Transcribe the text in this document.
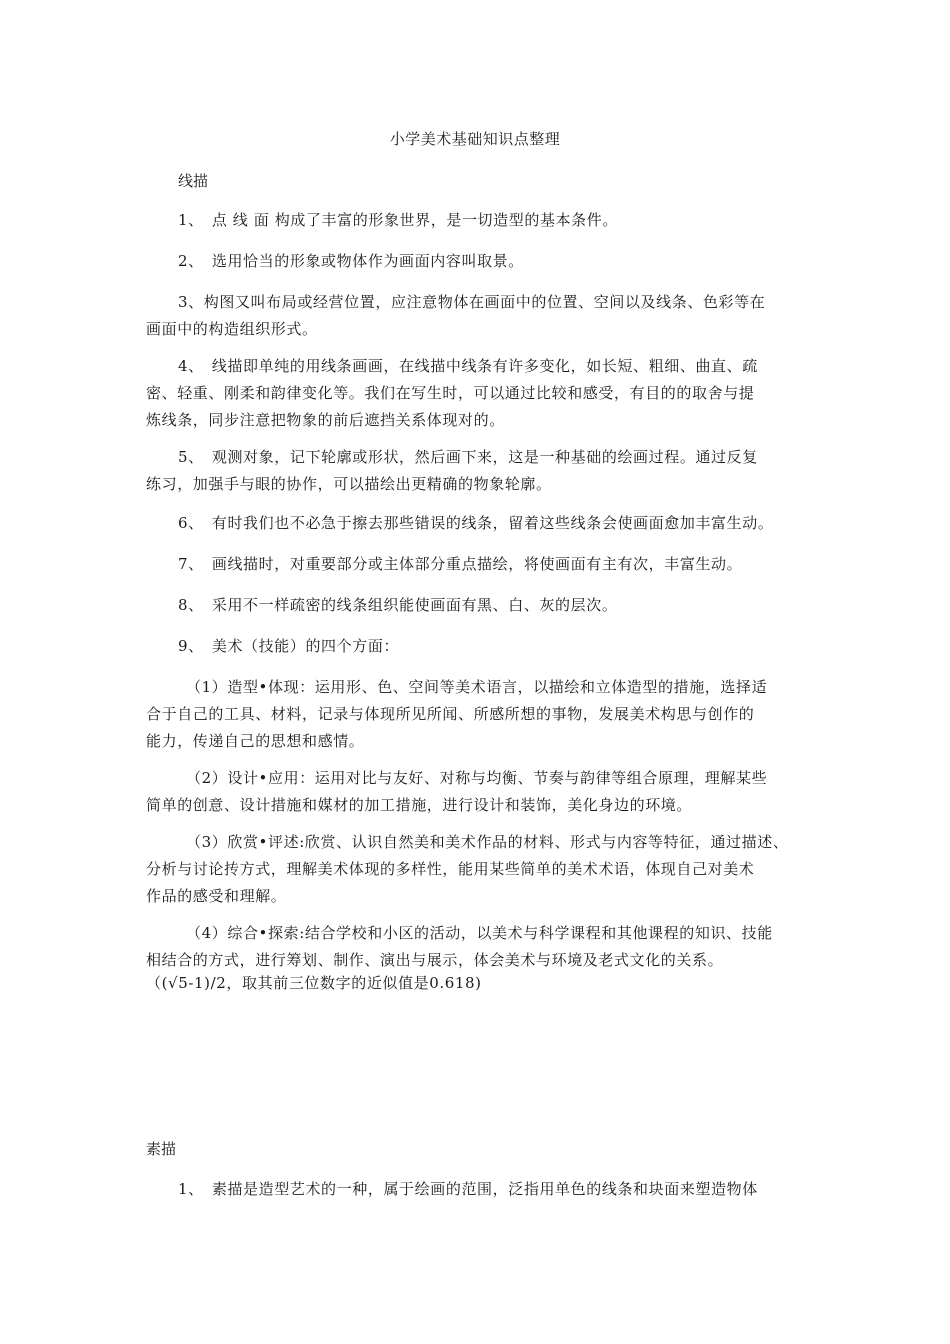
小学美术基础知识点整理
线描
1、　点 线 面 构成了丰富的形象世界，是一切造型的基本条件。
2、　选用恰当的形象或物体作为画面内容叫取景。
3、构图又叫布局或经营位置，应注意物体在画面中的位置、空间以及线条、色彩等在
画面中的构造组织形式。
4、　线描即单纯的用线条画画，在线描中线条有许多变化，如长短、粗细、曲直、疏
密、轻重、刚柔和韵律变化等。我们在写生时，可以通过比较和感受，有目的的取舍与提
炼线条，同步注意把物象的前后遮挡关系体现对的。
5、　观测对象，记下轮廓或形状，然后画下来，这是一种基础的绘画过程。通过反复
练习，加强手与眼的协作，可以描绘出更精确的物象轮廓。
6、　有时我们也不必急于擦去那些错误的线条，留着这些线条会使画面愈加丰富生动。
7、　画线描时，对重要部分或主体部分重点描绘，将使画面有主有次，丰富生动。
8、　采用不一样疏密的线条组织能使画面有黑、白、灰的层次。
9、　美术（技能）的四个方面：
（1）造型•体现：运用形、色、空间等美术语言，以描绘和立体造型的措施，选择适
合于自己的工具、材料，记录与体现所见所闻、所感所想的事物，发展美术构思与创作的
能力，传递自己的思想和感情。
（2）设计•应用：运用对比与友好、对称与均衡、节奏与韵律等组合原理，理解某些
简单的创意、设计措施和媒材的加工措施，进行设计和装饰，美化身边的环境。
（3）欣赏•评述:欣赏、认识自然美和美术作品的材料、形式与内容等特征，通过描述、
分析与讨论抟方式，理解美术体现的多样性，能用某些简单的美术术语，体现自己对美术
作品的感受和理解。
（4）综合•探索:结合学校和小区的活动，以美术与科学课程和其他课程的知识、技能
相结合的方式，进行筹划、制作、演出与展示，体会美术与环境及老式文化的关系。
（(√5-1)/2，取其前三位数字的近似值是0.618)
素描
1、　素描是造型艺术的一种，属于绘画的范围，泛指用单色的线条和块面来塑造物体
